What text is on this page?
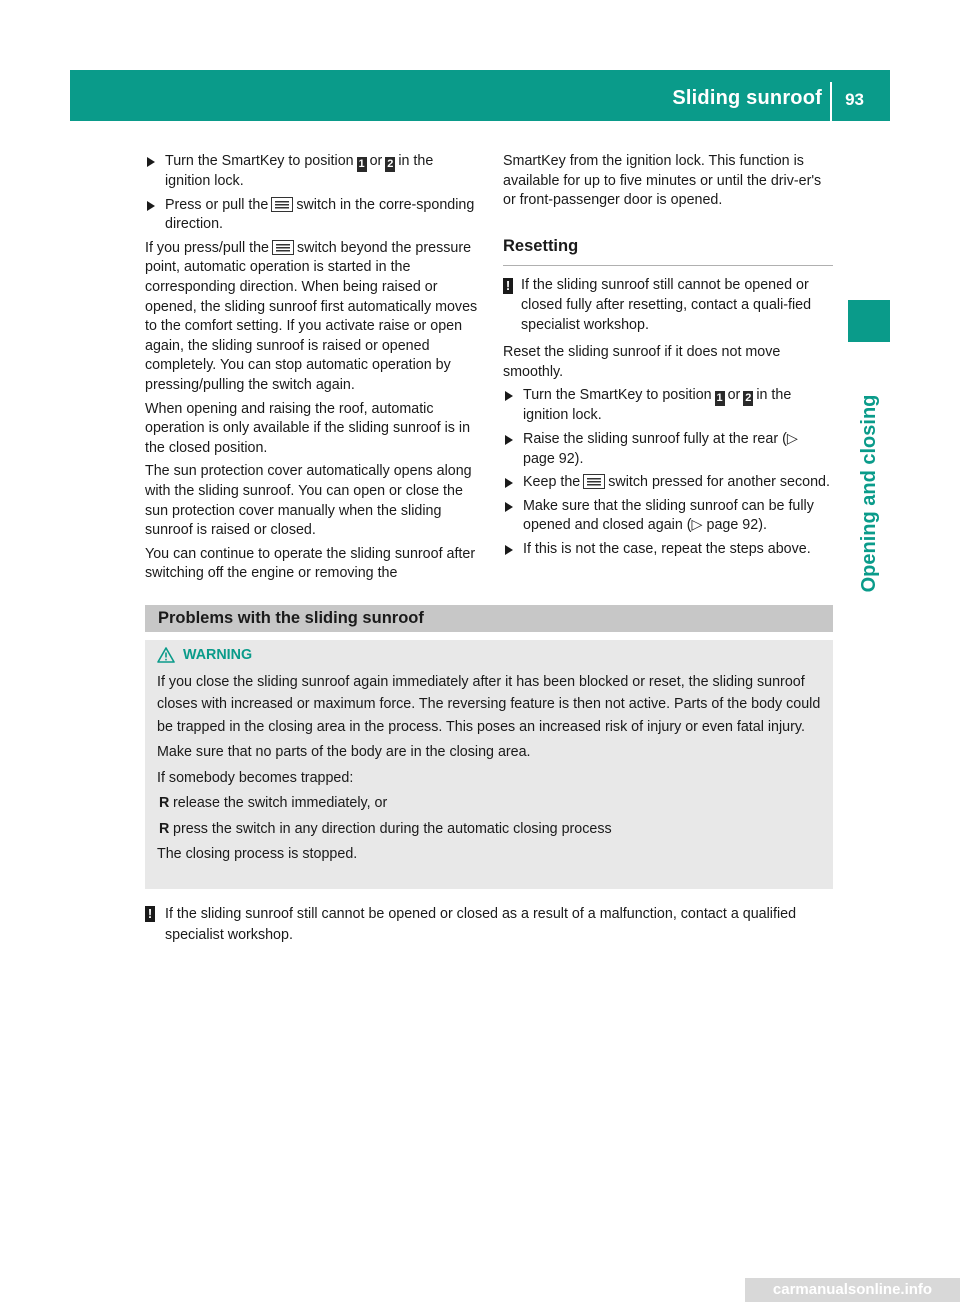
Sliding sunroof 93
Opening and closing
Turn the SmartKey to position 1 or 2 in the ignition lock.
Press or pull the switch in the corre-sponding direction.

If you press/pull the switch beyond the pressure point, automatic operation is started in the corresponding direction. When being raised or opened, the sliding sunroof first automatically moves to the comfort setting. If you activate raise or open again, the sliding sunroof is raised or opened completely. You can stop automatic operation by pressing/pulling the switch again.

When opening and raising the roof, automatic operation is only available if the sliding sunroof is in the closed position.

The sun protection cover automatically opens along with the sliding sunroof. You can open or close the sun protection cover manually when the sliding sunroof is raised or closed.

You can continue to operate the sliding sunroof after switching off the engine or removing the

SmartKey from the ignition lock. This function is available for up to five minutes or until the driv-er's or front-passenger door is opened.

Resetting
! If the sliding sunroof still cannot be opened or closed fully after resetting, contact a quali-fied specialist workshop.

Reset the sliding sunroof if it does not move smoothly.

Turn the SmartKey to position 1 or 2 in the ignition lock.
Raise the sliding sunroof fully at the rear (▷ page 92).
Keep the switch pressed for another second.
Make sure that the sliding sunroof can be fully opened and closed again (▷ page 92).
If this is not the case, repeat the steps above.
Problems with the sliding sunroof
WARNING

If you close the sliding sunroof again immediately after it has been blocked or reset, the sliding sunroof closes with increased or maximum force. The reversing feature is then not active. Parts of the body could be trapped in the closing area in the process. This poses an increased risk of injury or even fatal injury.

Make sure that no parts of the body are in the closing area.

If somebody becomes trapped:

R release the switch immediately, or
R press the switch in any direction during the automatic closing process

The closing process is stopped.

! If the sliding sunroof still cannot be opened or closed as a result of a malfunction, contact a qualified specialist workshop.
carmanualsonline.info
